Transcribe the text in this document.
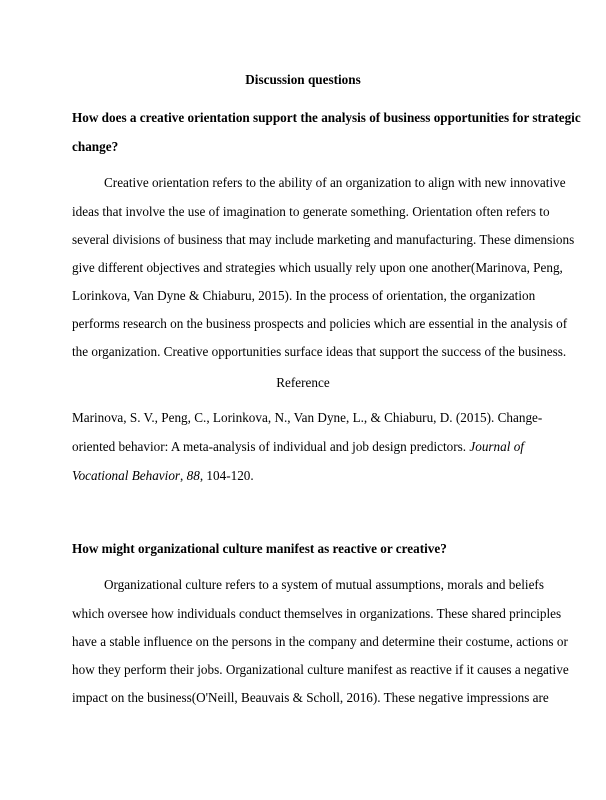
Discussion questions
How does a creative orientation support the analysis of business opportunities for strategic
change?
Creative orientation refers to the ability of an organization to align with new innovative
ideas that involve the use of imagination to generate something. Orientation often refers to
several divisions of business that may include marketing and manufacturing. These dimensions
give different objectives and strategies which usually rely upon one another(Marinova, Peng,
Lorinkova, Van Dyne & Chiaburu, 2015). In the process of orientation, the organization
performs research on the business prospects and policies which are essential in the analysis of
the organization. Creative opportunities surface ideas that support the success of the business.
Reference
Marinova, S. V., Peng, C., Lorinkova, N., Van Dyne, L., & Chiaburu, D. (2015). Change-
oriented behavior: A meta-analysis of individual and job design predictors. Journal of
Vocational Behavior, 88, 104-120.
How might organizational culture manifest as reactive or creative?
Organizational culture refers to a system of mutual assumptions, morals and beliefs
which oversee how individuals conduct themselves in organizations. These shared principles
have a stable influence on the persons in the company and determine their costume, actions or
how they perform their jobs. Organizational culture manifest as reactive if it causes a negative
impact on the business(O'Neill, Beauvais & Scholl, 2016). These negative impressions are
